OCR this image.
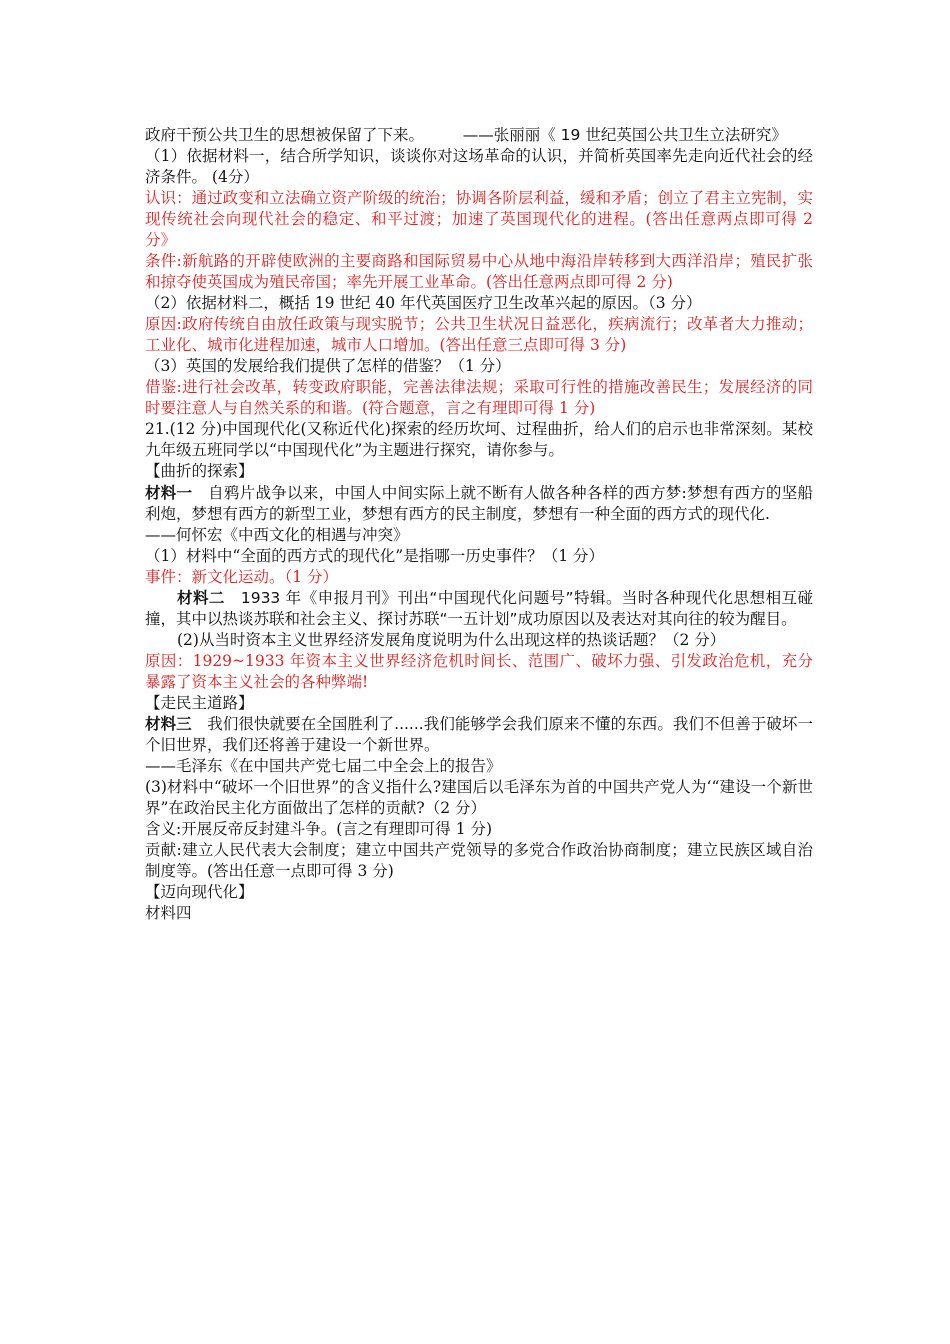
政府干预公共卫生的思想被保留了下来。　　　——张丽丽《 19 世纪英国公共卫生立法研究》

（1）依据材料一，结合所学知识，谈谈你对这场革命的认识，并简析英国率先走向近代社会的经济条件。 (4分）

认识：通过政变和立法确立资产阶级的统治；协调各阶层利益，缓和矛盾；创立了君主立宪制，实现传统社会向现代社会的稳定、和平过渡；加速了英国现代化的进程。(答出任意两点即可得 2 分》

条件:新航路的开辟使欧洲的主要商路和国际贸易中心从地中海沿岸转移到大西洋沿岸；殖民扩张和掠夺使英国成为殖民帝国；率先开展工业革命。(答出任意两点即可得 2 分)

（2）依据材料二，概括 19 世纪 40 年代英国医疗卫生改革兴起的原因。（3 分）

原因:政府传统自由放任政策与现实脱节；公共卫生状况日益恶化，疾病流行；改革者大力推动；工业化、城市化进程加速，城市人口增加。(答出任意三点即可得 3 分)

（3）英国的发展给我们提供了怎样的借鉴？（1 分）

借鉴:进行社会改革，转变政府职能，完善法律法规；采取可行性的措施改善民生；发展经济的同时要注意人与自然关系的和谐。(符合题意，言之有理即可得 1 分)

21.(12 分)中国现代化(又称近代化)探索的经历坎坷、过程曲折，给人们的启示也非常深刻。某校九年级五班同学以“中国现代化”为主题进行探究，请你参与。

【曲折的探索】

材料一　自鸦片战争以来，中国人中间实际上就不断有人做各种各样的西方梦:梦想有西方的坚船利炮，梦想有西方的新型工业，梦想有西方的民主制度，梦想有一种全面的西方式的现代化.

——何怀宏《中西文化的相遇与冲突》

（1）材料中“全面的西方式的现代化”是指哪一历史事件？（1 分）

事件：新文化运动。（1 分）

材料二　1933 年《申报月刊》刊出“中国现代化问题号”特辑。当时各种现代化思想相互碰撞，其中以热谈苏联和社会主义、探讨苏联“一五计划”成功原因以及表达对其向往的较为醒目。

(2)从当时资本主义世界经济发展角度说明为什么出现这样的热谈话题？（2 分）

原因：1929~1933 年资本主义世界经济危机时间长、范围广、破坏力强、引发政治危机，充分暴露了资本主义社会的各种弊端!

【走民主道路】

材料三　我们很快就要在全国胜利了......我们能够学会我们原来不懂的东西。我们不但善于破坏一个旧世界，我们还将善于建设一个新世界。

——毛泽东《在中国共产党七届二中全会上的报告》

(3)材料中“破坏一个旧世界”的含义指什么?建国后以毛泽东为首的中国共产党人为‘“建设一个新世界”在政治民主化方面做出了怎样的贡献?（2 分）

含义:开展反帝反封建斗争。(言之有理即可得 1 分)

贡献:建立人民代表大会制度；建立中国共产党领导的多党合作政治协商制度；建立民族区域自治制度等。(答出任意一点即可得 3 分)

【迈向现代化】

材料四
